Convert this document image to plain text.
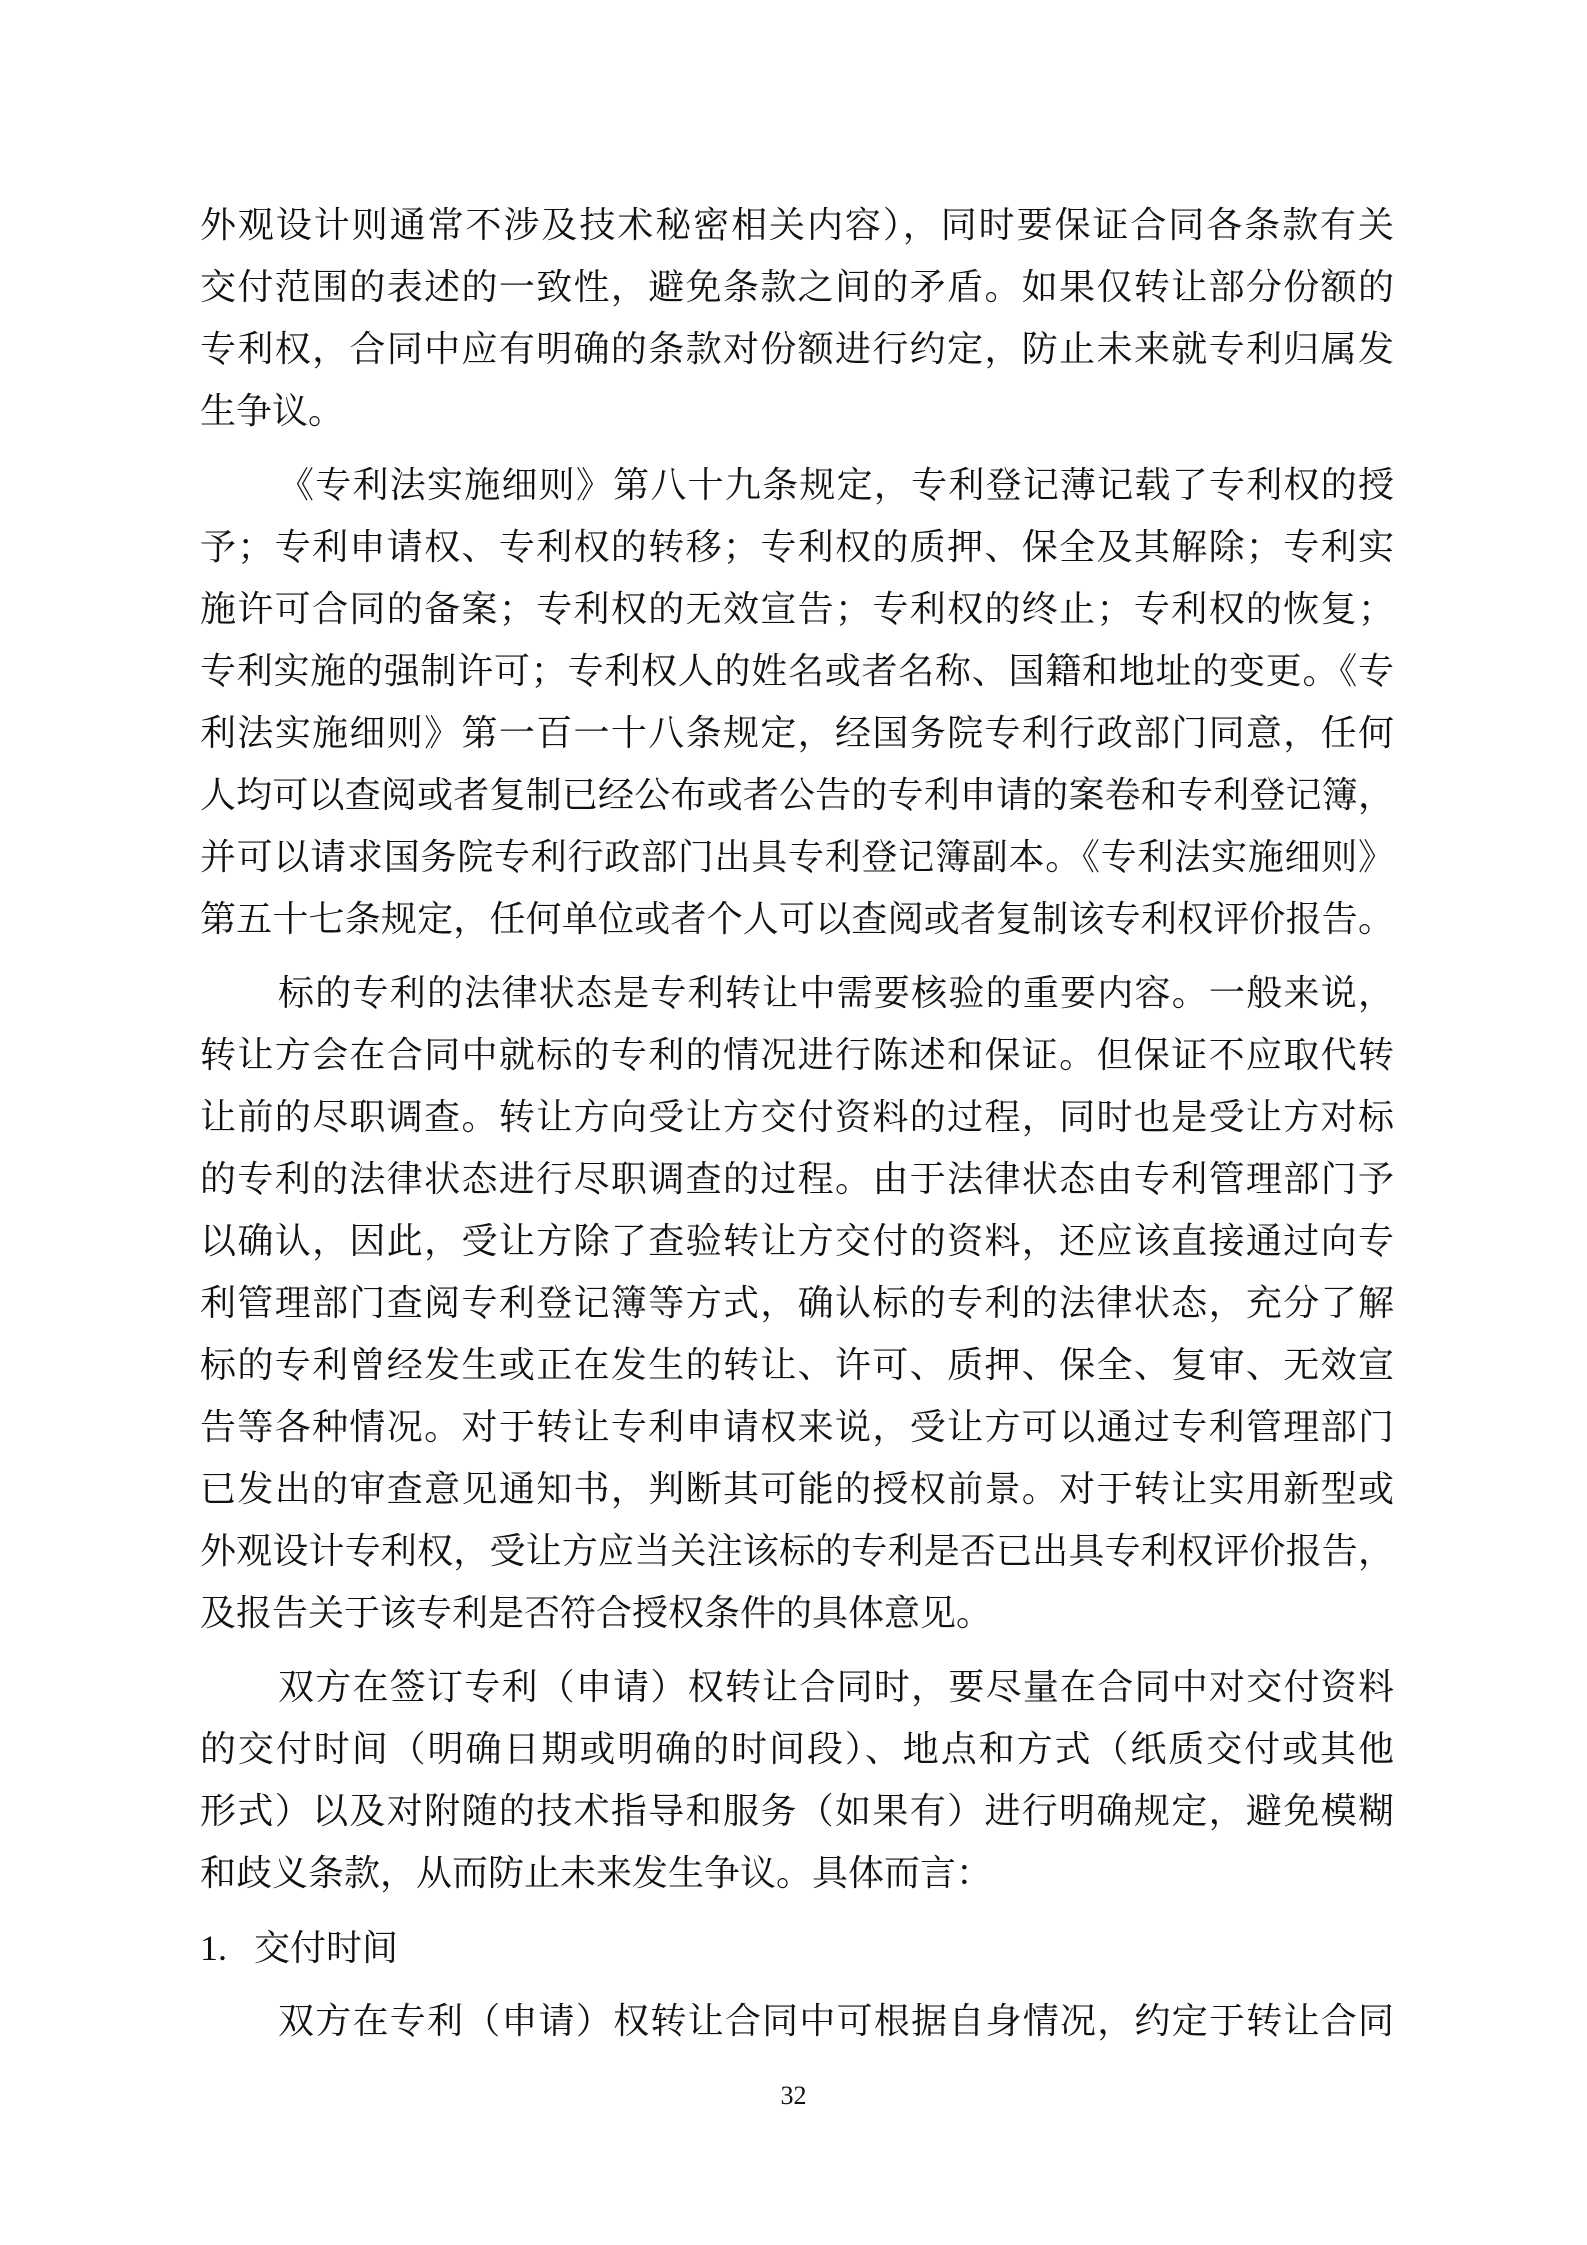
外观设计则通常不涉及技术秘密相关内容），同时要保证合同各条款有关
交付范围的表述的一致性，避免条款之间的矛盾。如果仅转让部分份额的
专利权，合同中应有明确的条款对份额进行约定，防止未来就专利归属发
生争议。
《专利法实施细则》第八十九条规定，专利登记薄记载了专利权的授
予；专利申请权、专利权的转移；专利权的质押、保全及其解除；专利实
施许可合同的备案；专利权的无效宣告；专利权的终止；专利权的恢复；
专利实施的强制许可；专利权人的姓名或者名称、国籍和地址的变更。《专
利法实施细则》第一百一十八条规定，经国务院专利行政部门同意，任何
人均可以查阅或者复制已经公布或者公告的专利申请的案卷和专利登记簿，
并可以请求国务院专利行政部门出具专利登记簿副本。《专利法实施细则》
第五十七条规定，任何单位或者个人可以查阅或者复制该专利权评价报告。
标的专利的法律状态是专利转让中需要核验的重要内容。一般来说，
转让方会在合同中就标的专利的情况进行陈述和保证。但保证不应取代转
让前的尽职调查。转让方向受让方交付资料的过程，同时也是受让方对标
的专利的法律状态进行尽职调查的过程。由于法律状态由专利管理部门予
以确认，因此，受让方除了查验转让方交付的资料，还应该直接通过向专
利管理部门查阅专利登记簿等方式，确认标的专利的法律状态，充分了解
标的专利曾经发生或正在发生的转让、许可、质押、保全、复审、无效宣
告等各种情况。对于转让专利申请权来说，受让方可以通过专利管理部门
已发出的审查意见通知书，判断其可能的授权前景。对于转让实用新型或
外观设计专利权，受让方应当关注该标的专利是否已出具专利权评价报告，
及报告关于该专利是否符合授权条件的具体意见。
双方在签订专利（申请）权转让合同时，要尽量在合同中对交付资料
的交付时间（明确日期或明确的时间段）、地点和方式（纸质交付或其他
形式）以及对附随的技术指导和服务（如果有）进行明确规定，避免模糊
和歧义条款，从而防止未来发生争议。具体而言：
1. 交付时间
双方在专利（申请）权转让合同中可根据自身情况，约定于转让合同
32
